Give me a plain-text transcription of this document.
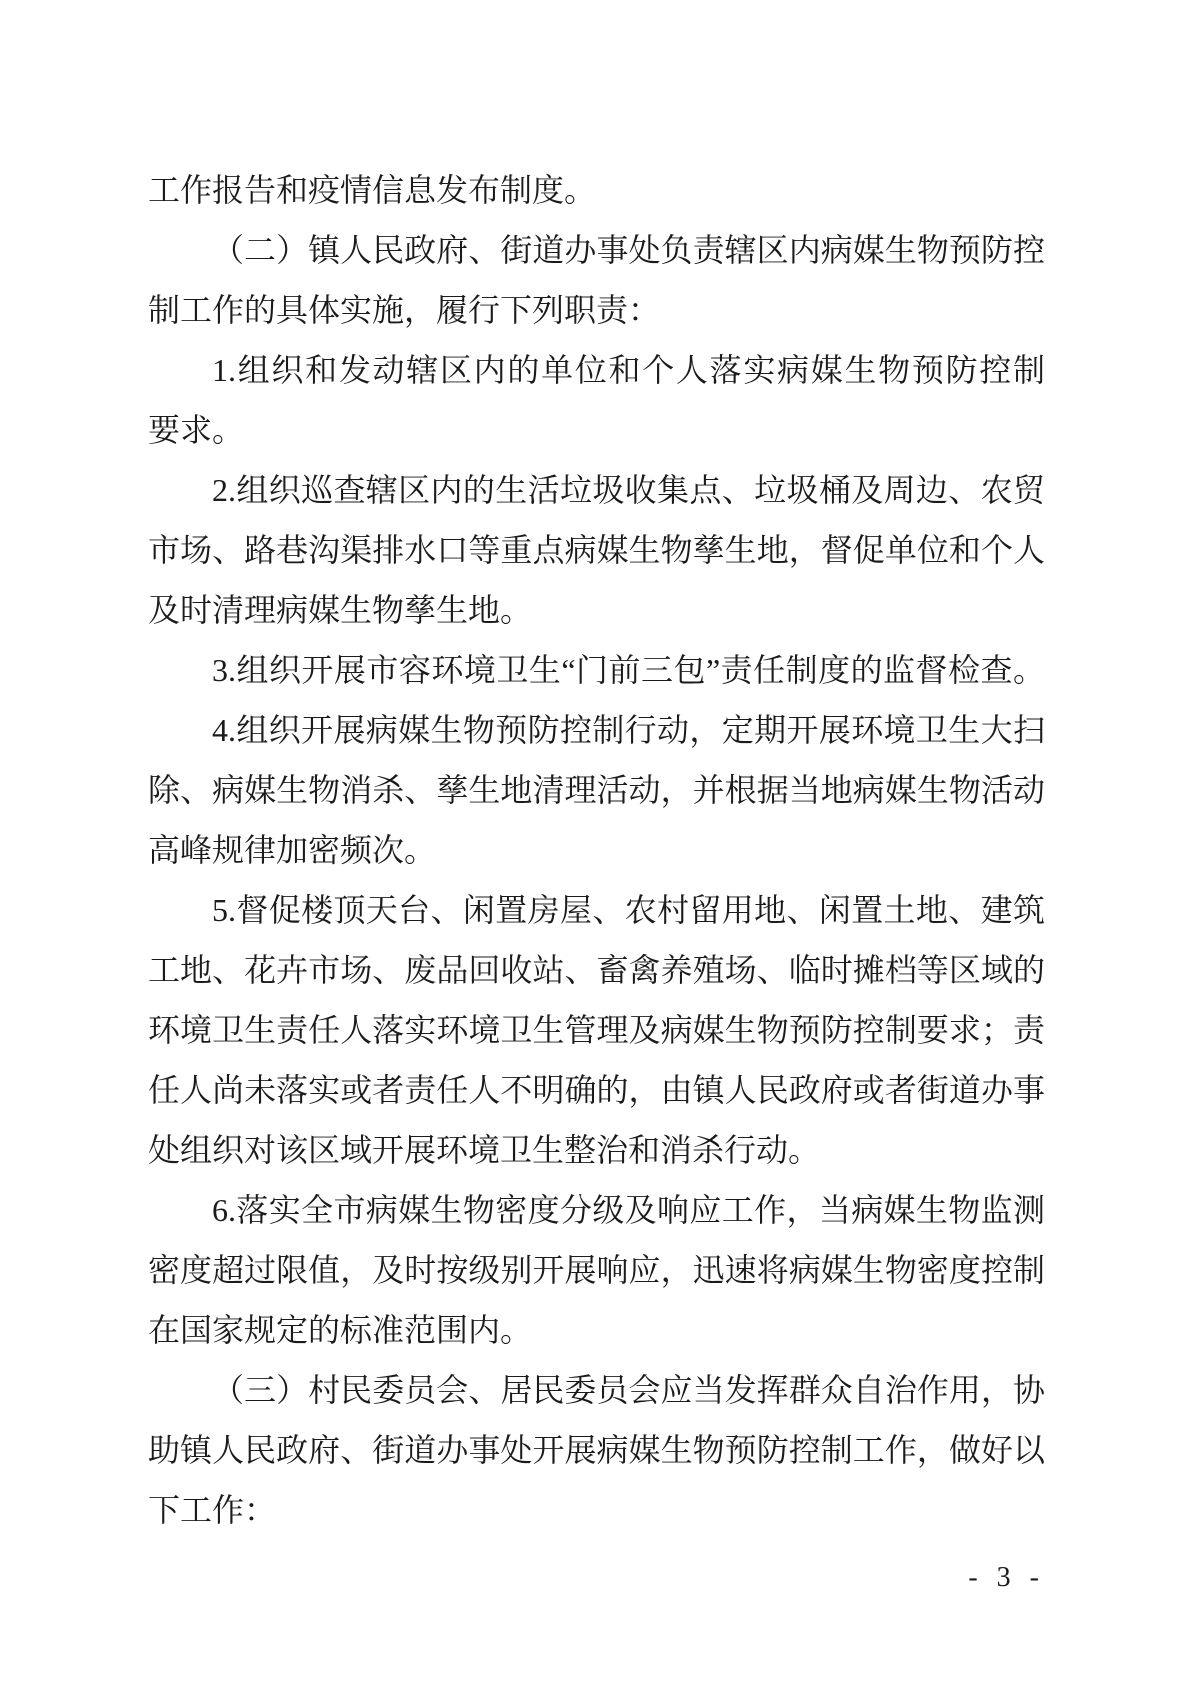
工作报告和疫情信息发布制度。
（二）镇人民政府、街道办事处负责辖区内病媒生物预防控
制工作的具体实施，履行下列职责：
1.组织和发动辖区内的单位和个人落实病媒生物预防控制
要求。
2.组织巡查辖区内的生活垃圾收集点、垃圾桶及周边、农贸
市场、路巷沟渠排水口等重点病媒生物孳生地，督促单位和个人
及时清理病媒生物孳生地。
3.组织开展市容环境卫生“门前三包”责任制度的监督检查。
4.组织开展病媒生物预防控制行动，定期开展环境卫生大扫
除、病媒生物消杀、孳生地清理活动，并根据当地病媒生物活动
高峰规律加密频次。
5.督促楼顶天台、闲置房屋、农村留用地、闲置土地、建筑
工地、花卉市场、废品回收站、畜禽养殖场、临时摊档等区域的
环境卫生责任人落实环境卫生管理及病媒生物预防控制要求；责
任人尚未落实或者责任人不明确的，由镇人民政府或者街道办事
处组织对该区域开展环境卫生整治和消杀行动。
6.落实全市病媒生物密度分级及响应工作，当病媒生物监测
密度超过限值，及时按级别开展响应，迅速将病媒生物密度控制
在国家规定的标准范围内。
（三）村民委员会、居民委员会应当发挥群众自治作用，协
助镇人民政府、街道办事处开展病媒生物预防控制工作，做好以
下工作：
- 3 -
